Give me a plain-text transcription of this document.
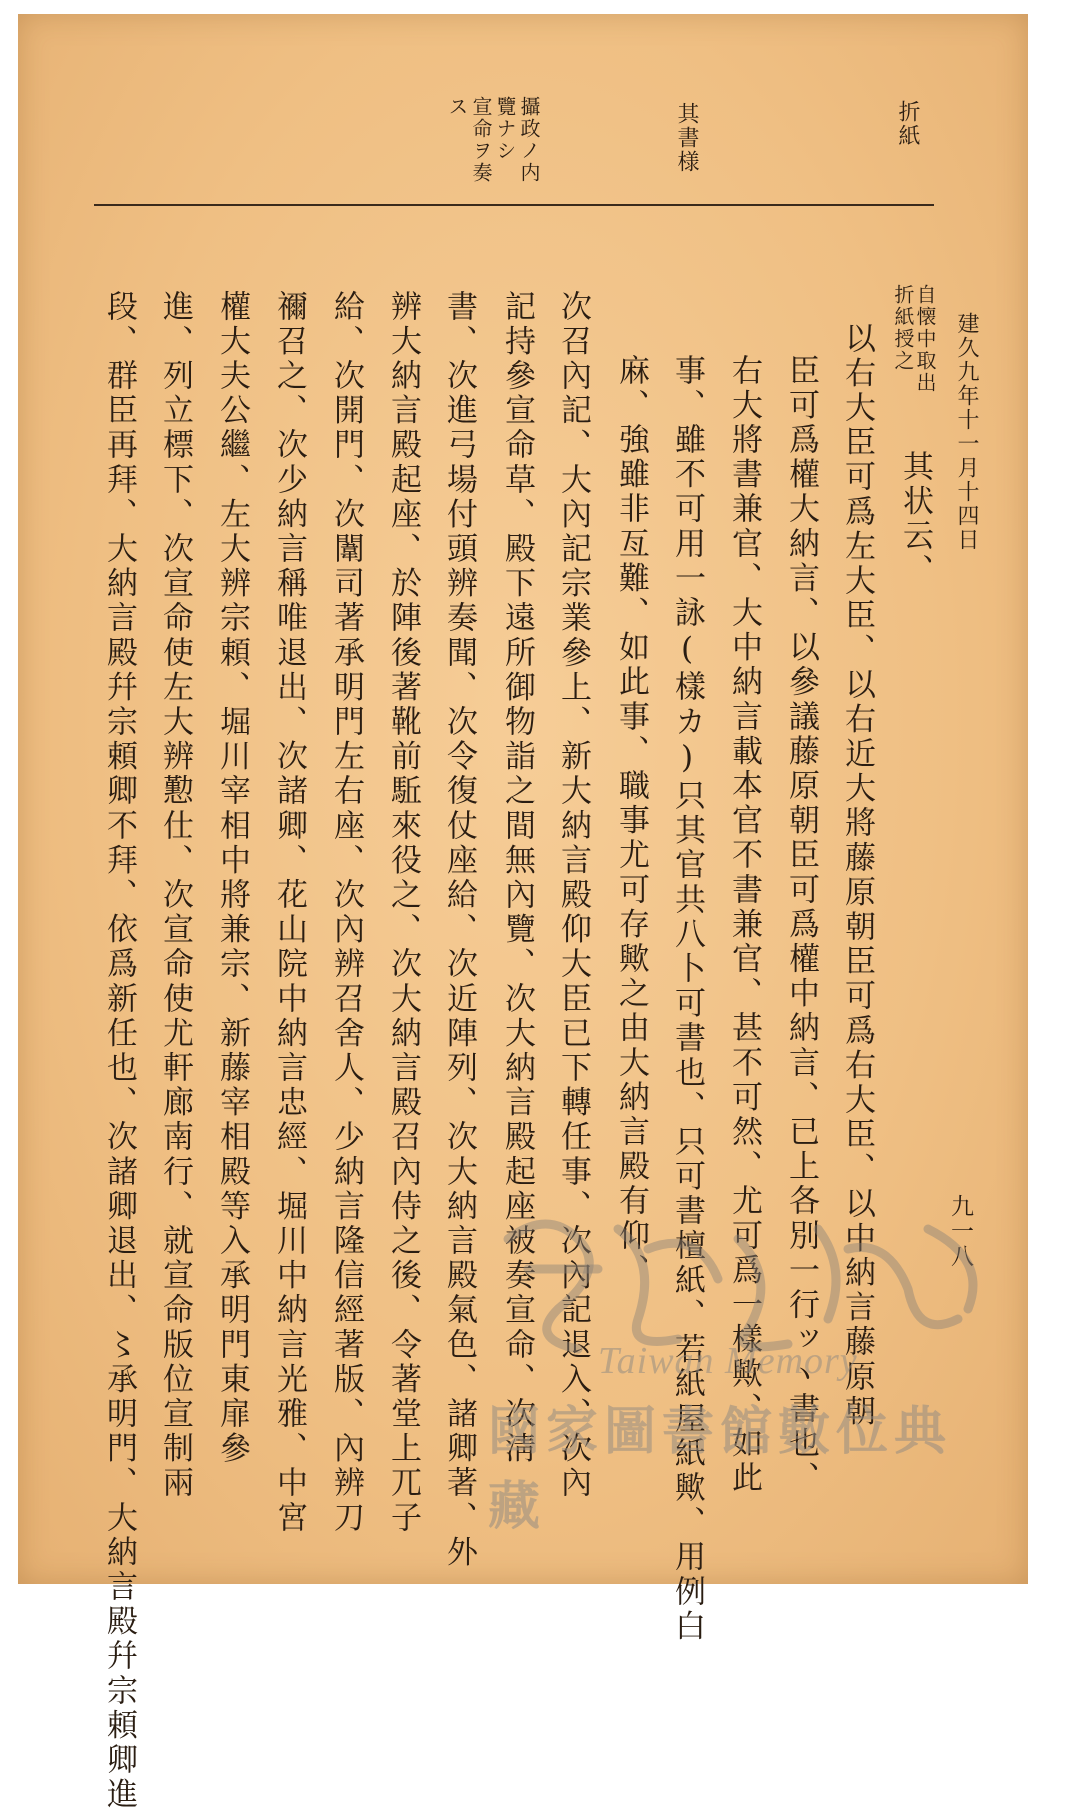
折紙
其書様
攝政ノ内
覽ナシ
宣命ヲ奏
ス
建久九年十一月十四日
自懐中取出
折紙授之
其状云、
以右大臣可爲左大臣、以右近大將藤原朝臣可爲右大臣、以中納言藤原朝
臣可爲權大納言、以參議藤原朝臣可爲權中納言、已上各別一行ッヽ書也、
右大將書兼官、大中納言載本官不書兼官、甚不可然、尤可爲一樣歟、如此
事、雖不可用一詠(樣カ)只其官共八卜可書也、只可書檀紙、若紙屋紙歟、用例白
麻、強雖非亙難、如此事、職事尤可存歟之由大納言殿有仰、
次召內記、大內記宗業參上、新大納言殿仰大臣已下轉任事、次內記退入、次內
記持參宣命草、殿下遠所御物詣之間無內覽、次大納言殿起座被奏宣命、次淸
書、次進弓場付頭辨奏聞、次令復仗座給、次近陣列、次大納言殿氣色、諸卿著、外
辨大納言殿起座、於陣後著靴前駈來役之、次大納言殿召內侍之後、令著堂上兀子
給、次開門、次闈司著承明門左右座、次內辨召舍人、少納言隆信經著版、內辨刀
禰召之、次少納言稱唯退出、次諸卿、花山院中納言忠經、堀川中納言光雅、中宮
權大夫公繼、左大辨宗頼、堀川宰相中將兼宗、新藤宰相殿等入承明門東扉參
進、列立標下、次宣命使左大辨懃仕、次宣命使尤軒廊南行、就宣命版位宣制兩
段、群臣再拜、大納言殿幷宗頼卿不拜、依爲新任也、次諸卿退出、〻承明門、大納言殿幷宗頼卿進	九一八
Taiwan Memory
國家圖書館數位典藏
